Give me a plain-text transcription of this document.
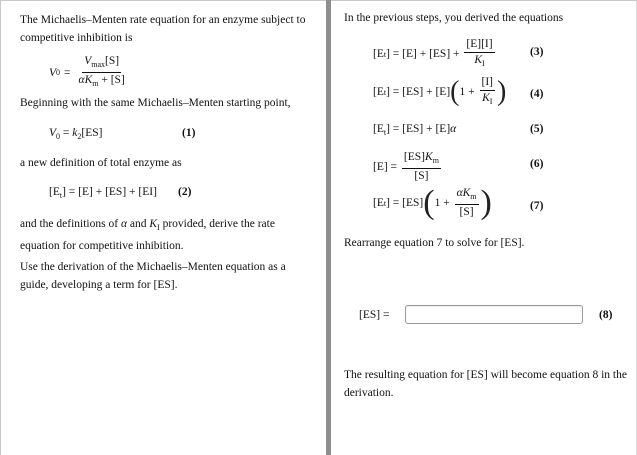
The Michaelis–Menten rate equation for an enzyme subject to competitive inhibition is
V $0 = \frac{V_{max}[S]}{\alpha K_m + [S]}$
Beginning with the same Michaelis–Menten starting point,
$V_0 = k_2[ES]$	(1)
a new definition of total enzyme as
$[E_t] = [E] + [ES] + [EI]$ (2)
and the definitions of α and $K_I$ provided, derive the rate equation for competitive inhibition.
Use the derivation of the Michaelis–Menten equation as a guide, developing a term for [ES].
In the previous steps, you derived the equations
[E t ] = $[E] + [ES] + \frac{[E][I]}{K_I}$	(3)
[E t ] = [ES] + [E] ( $1 + \frac{[I]}{K_I}$ ) (4)
$[E_t] = [ES] + [E]\alpha$	(5)
$[E] = \frac{[ES]K_m}{[S]}$	(6)
[E t ] = [ES] ( $1 + \frac{\alpha K_m}{[S]}$ )	(7)
Rearrange equation 7 to solve for [ES].
[ES] =	(8)
The resulting equation for [ES] will become equation 8 in the derivation.
